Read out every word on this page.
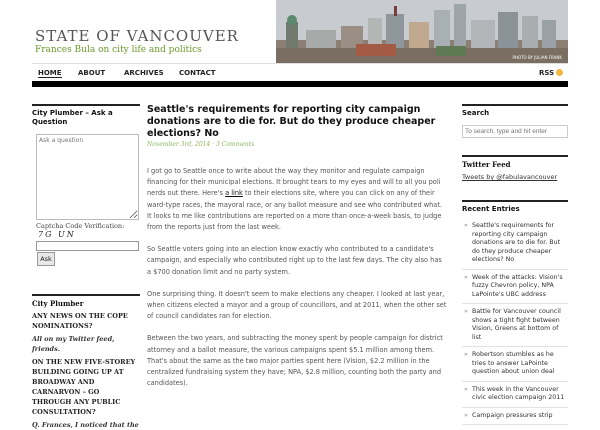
STATE OF VANCOUVER
Frances Bula on city life and politics
PHOTO BY JULIAN FRANK
HOME ABOUT	ARCHIVES CONTACT	RSS
City Plumber – Ask a Question
Ask a question
Captcha Code Verification:
7G UN
Ask
City Plumber
ANY NEWS ON THE COPE NOMINATIONS?
All on my Twitter feed, friends.
ON THE NEW FIVE-STOREY BUILDING GOING UP AT BROADWAY AND CARNARVON – GO THROUGH ANY PUBLIC CONSULTATION?
Q. Frances, I noticed that the
Seattle's requirements for reporting city campaign donations are to die for. But do they produce cheaper elections? No
November 3rd, 2014 · 3 Comments

I got go to Seattle once to write about the way they monitor and regulate campaign financing for their municipal elections. It brought tears to my eyes and will to all you poli nerds out there. Here's a link to their elections site, where you can click on any of their ward-type races, the mayoral race, or any ballot measure and see who contributed what. It looks to me like contributions are reported on a more than once-a-week basis, to judge from the reports just from the last week.

So Seattle voters going into an election know exactly who contributed to a candidate's campaign, and especially who contributed right up to the last few days. The city also has a $700 donation limit and no party system.

One surprising thing. It doesn't seem to make elections any cheaper. I looked at last year, when citizens elected a mayor and a group of councillors, and at 2011, when the other set of council candidates ran for election.

Between the two years, and subtracting the money spent by people campaign for district attorney and a ballot measure, the various campaigns spent $5.1 million among them. That's about the same as the two major parties spent here (Vision, $2.2 million in the centralized fundraising system they have; NPA, $2.8 million, counting both the party and candidates).

Search
To search, type and hit enter
Twitter Feed
Tweets by @fabulavancouver
Recent Entries
» Seattle's requirements for reporting city campaign donations are to die for. But do they produce cheaper elections? No
» Week of the attacks: Vision's fuzzy Chevron policy, NPA LaPointe's UBC address
» Battle for Vancouver council shows a tight fight between Vision, Greens at bottom of list
» Robertson stumbles as he tries to answer LaPointe question about union deal
» This week in the Vancouver civic election campaign 2011
» Campaign pressures strip
